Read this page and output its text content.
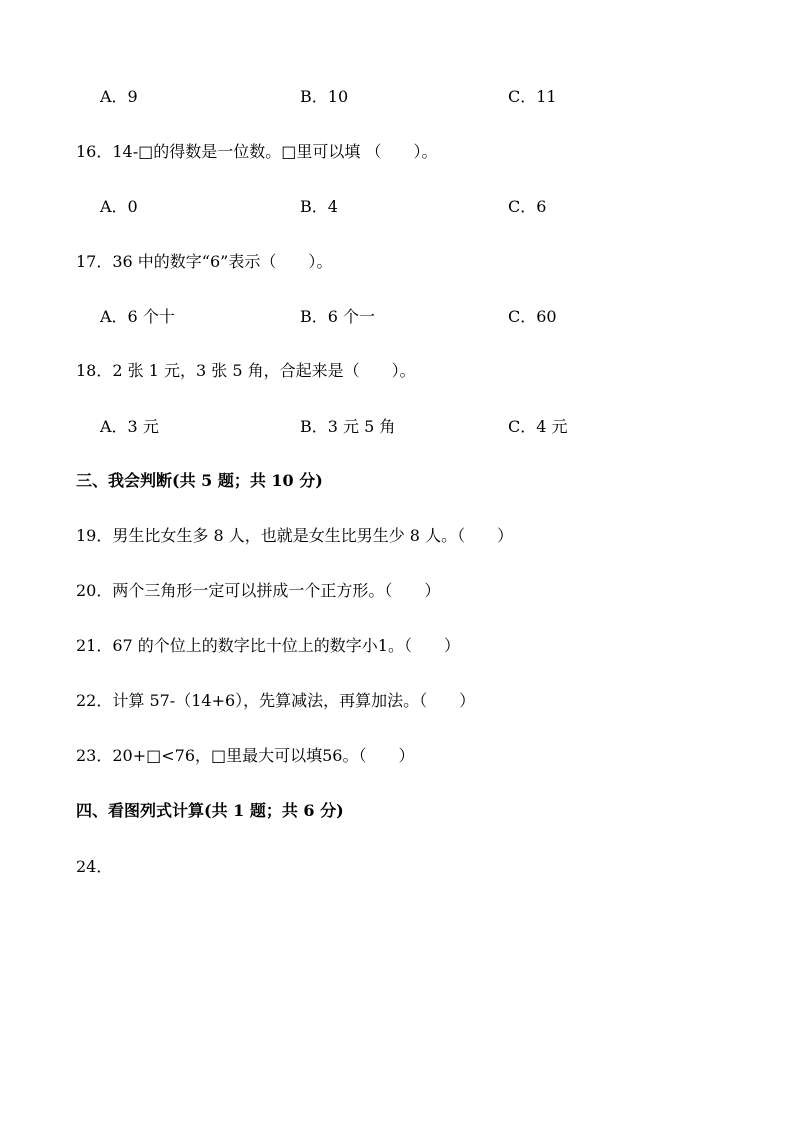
A．9	B．10	C．11
16．14-□的得数是一位数。□里可以填 （　　）。
A．0	B．4	C．6
17．36 中的数字“6”表示（　　）。
A．6 个十	B．6 个一	C．60
18．2 张 1 元，3 张 5 角，合起来是（　　）。
A．3 元	B．3 元 5 角	C．4 元
三、我会判断(共 5 题；共 10 分)
19．男生比女生多 8 人，也就是女生比男生少 8 人。（　　）
20．两个三角形一定可以拼成一个正方形。（　　）
21．67 的个位上的数字比十位上的数字小1。（　　）
22．计算 57-（14+6），先算减法，再算加法。（　　）
23．20+□<76，□里最大可以填56。（　　）
四、看图列式计算(共 1 题；共 6 分)
24．
